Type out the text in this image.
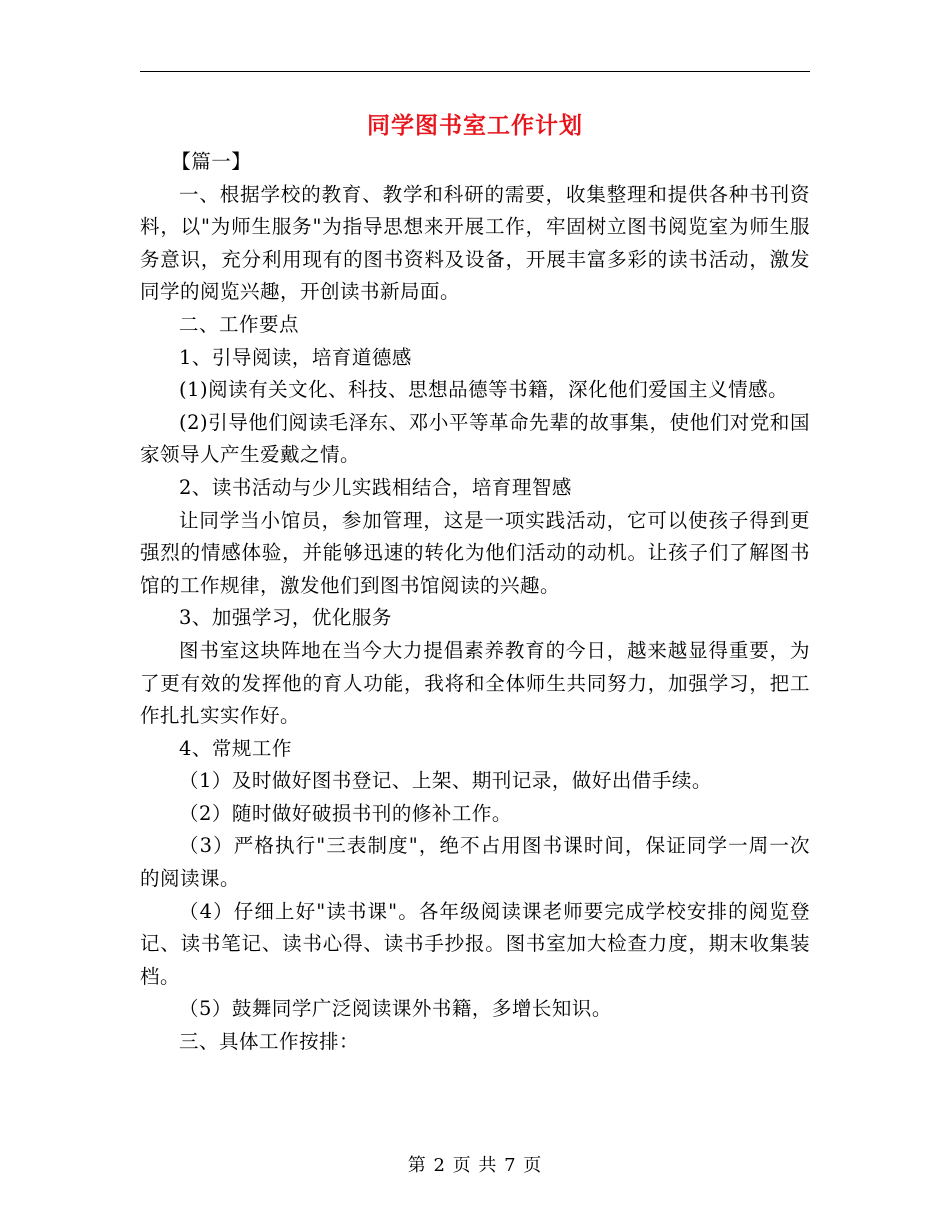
同学图书室工作计划

【篇一】

一、根据学校的教育、教学和科研的需要，收集整理和提供各种书刊资料，以"为师生服务"为指导思想来开展工作，牢固树立图书阅览室为师生服务意识，充分利用现有的图书资料及设备，开展丰富多彩的读书活动，激发同学的阅览兴趣，开创读书新局面。

二、工作要点

1、引导阅读，培育道德感

(1)阅读有关文化、科技、思想品德等书籍，深化他们爱国主义情感。

(2)引导他们阅读毛泽东、邓小平等革命先辈的故事集，使他们对党和国家领导人产生爱戴之情。

2、读书活动与少儿实践相结合，培育理智感

让同学当小馆员，参加管理，这是一项实践活动，它可以使孩子得到更强烈的情感体验，并能够迅速的转化为他们活动的动机。让孩子们了解图书馆的工作规律，激发他们到图书馆阅读的兴趣。

3、加强学习，优化服务

图书室这块阵地在当今大力提倡素养教育的今日，越来越显得重要，为了更有效的发挥他的育人功能，我将和全体师生共同努力，加强学习，把工作扎扎实实作好。

4、常规工作

（1）及时做好图书登记、上架、期刊记录，做好出借手续。

（2）随时做好破损书刊的修补工作。

（3）严格执行"三表制度"，绝不占用图书课时间，保证同学一周一次的阅读课。

（4）仔细上好"读书课"。各年级阅读课老师要完成学校安排的阅览登记、读书笔记、读书心得、读书手抄报。图书室加大检查力度，期末收集装档。

（5）鼓舞同学广泛阅读课外书籍，多增长知识。

三、具体工作按排：

第 2 页 共 7 页
